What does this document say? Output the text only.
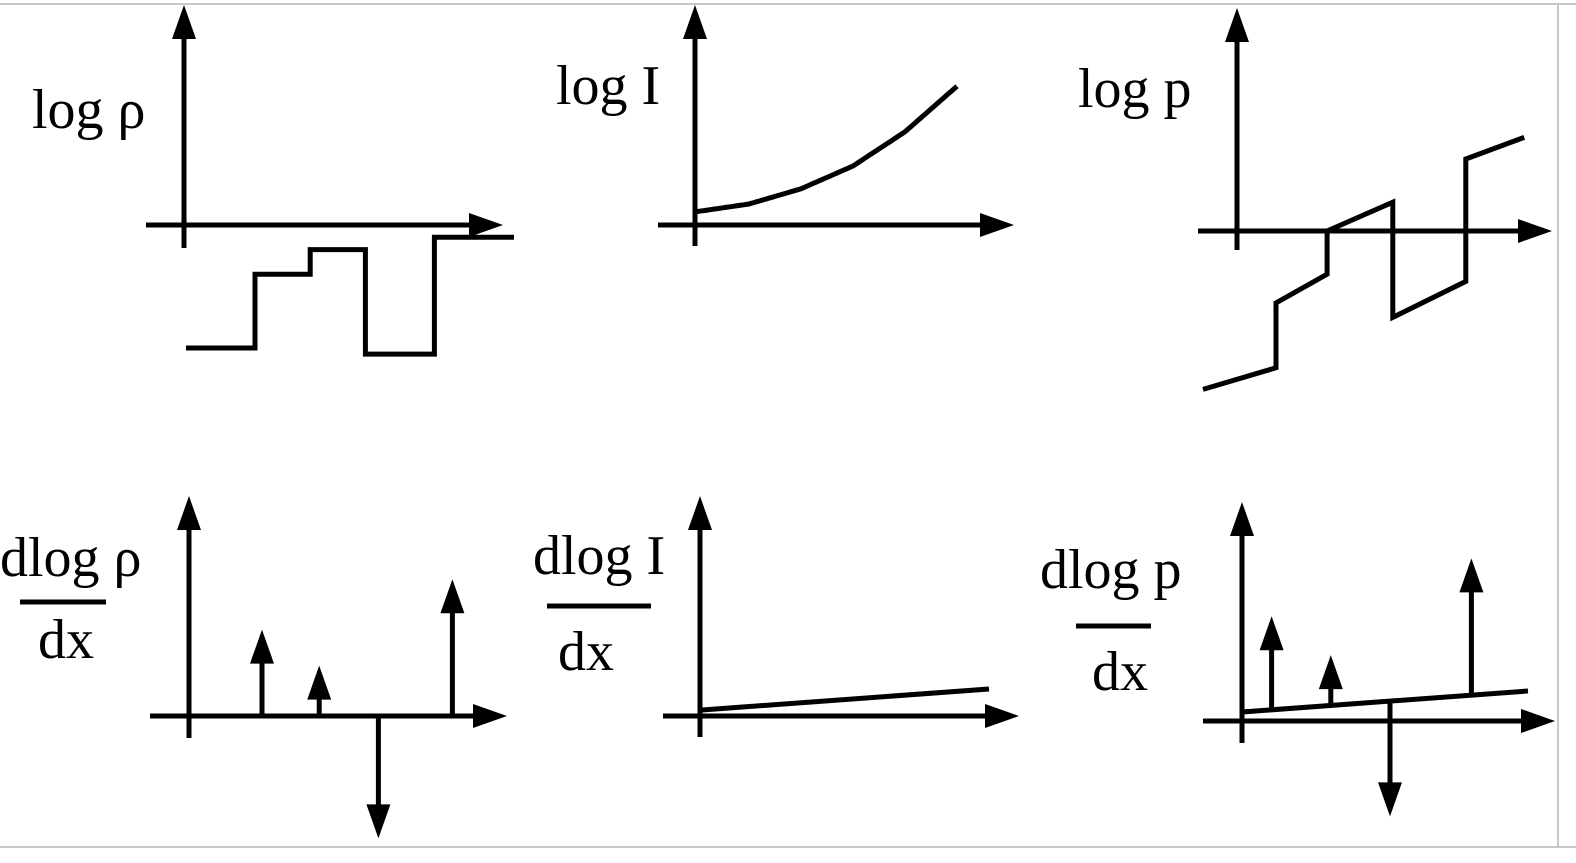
log ρ	log I	log p
dlog ρ
dx
dlog I
dx
dlog p
dx
